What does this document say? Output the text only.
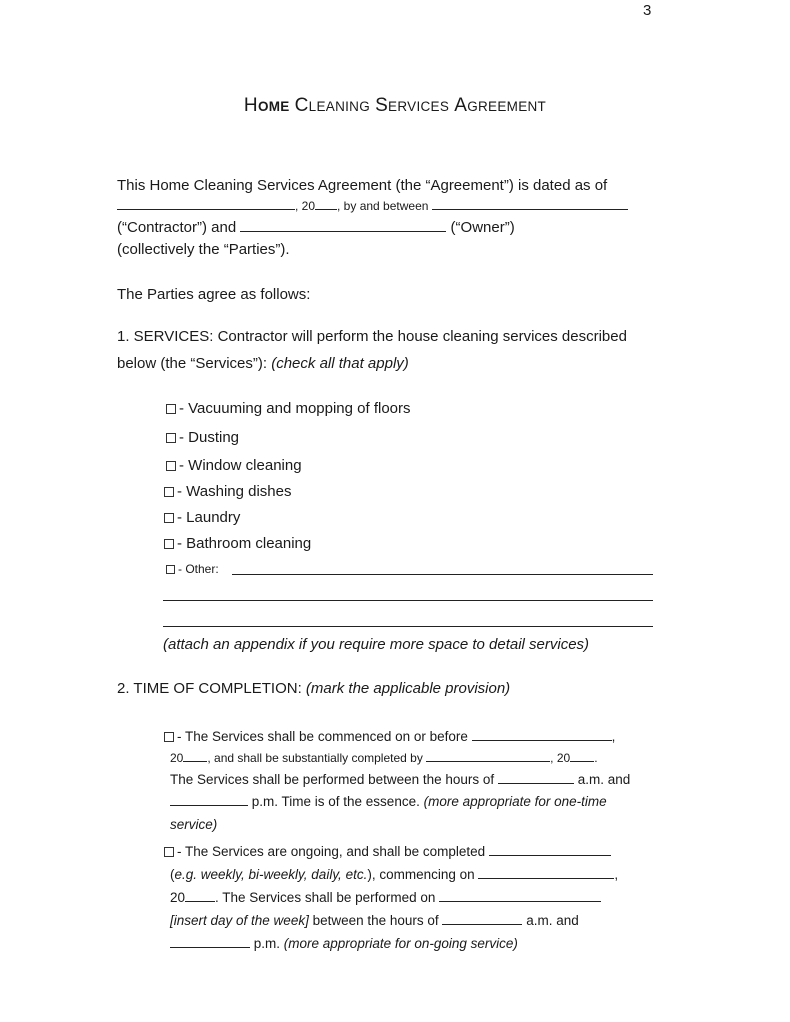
3
HOME CLEANING SERVICES AGREEMENT
This Home Cleaning Services Agreement (the “Agreement”) is dated as of
, 20 , by and between
(“Contractor”) and	(“Owner”)
(collectively the “Parties”).
The Parties agree as follows:
1. SERVICES: Contractor will perform the house cleaning services described
below (the “Services”): (check all that apply)
- Vacuuming and mopping of floors
- Dusting
- Window cleaning
- Washing dishes
- Laundry
- Bathroom cleaning
- Other:
(attach an appendix if you require more space to detail services)
2. TIME OF COMPLETION: (mark the applicable provision)
- The Services shall be commenced on or before	,
20 , and shall be substantially completed by	, 20 .
The Services shall be performed between the hours of	a.m. and
p.m. Time is of the essence. (more appropriate for one-time
service)
- The Services are ongoing, and shall be completed
(e.g. weekly, bi-weekly, daily, etc.), commencing on	,
20 . The Services shall be performed on
[insert day of the week] between the hours of	a.m. and
p.m. (more appropriate for on-going service)
